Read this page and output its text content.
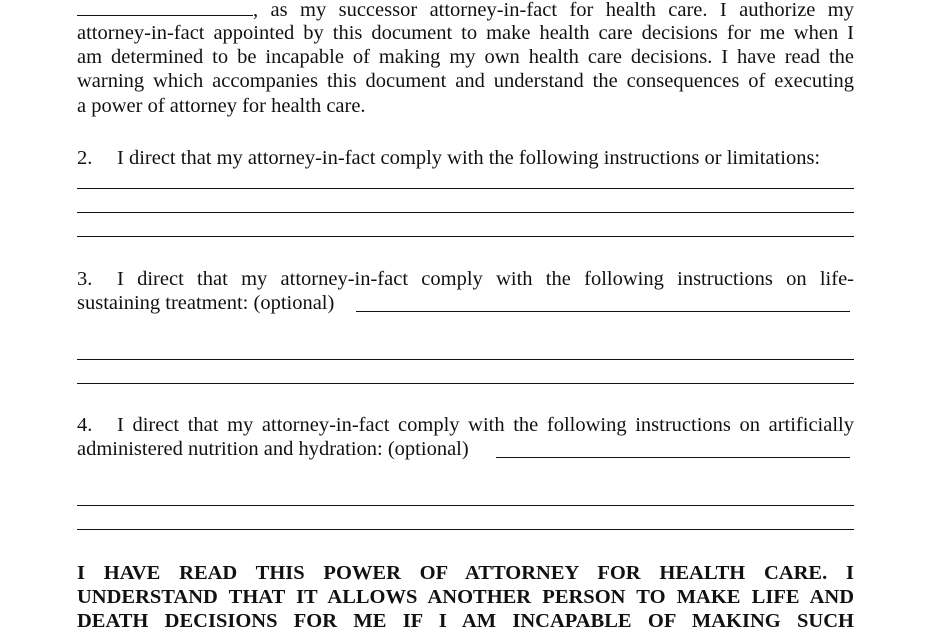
, as my successor attorney-in-fact for health care. I authorize my
attorney-in-fact appointed by this document to make health care decisions for me when I
am determined to be incapable of making my own health care decisions. I have read the
warning which accompanies this document and understand the consequences of executing
a power of attorney for health care.
2. I direct that my attorney-in-fact comply with the following instructions or limitations:
3. I direct that my attorney-in-fact comply with the following instructions on life-
sustaining treatment: (optional)
4. I direct that my attorney-in-fact comply with the following instructions on artificially
administered nutrition and hydration: (optional)
I HAVE READ THIS POWER OF ATTORNEY FOR HEALTH CARE. I
UNDERSTAND THAT IT ALLOWS ANOTHER PERSON TO MAKE LIFE AND
DEATH DECISIONS FOR ME IF I AM INCAPABLE OF MAKING SUCH
